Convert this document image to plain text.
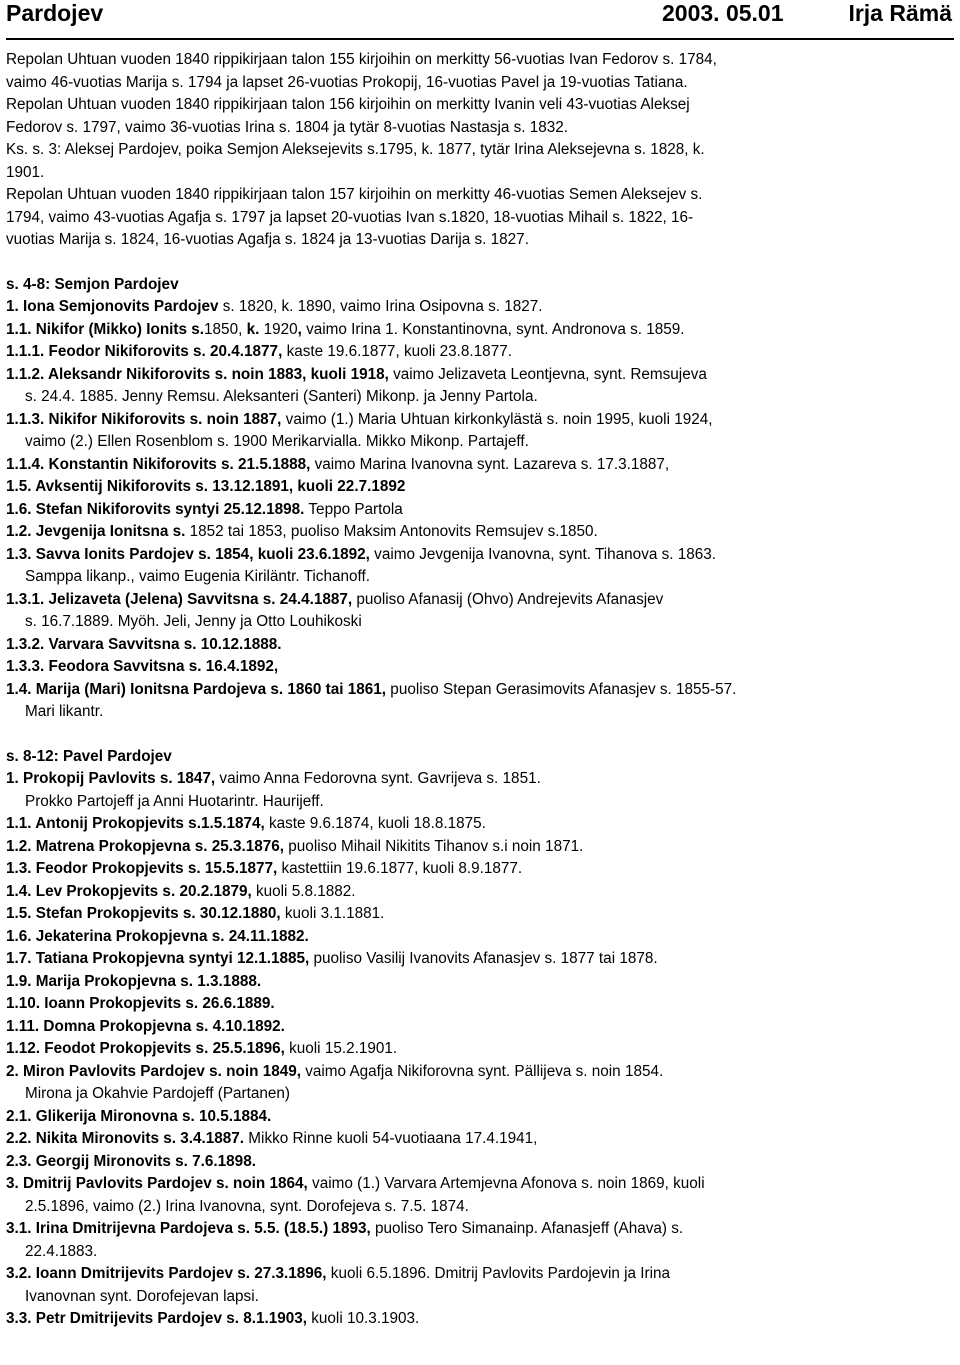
Pardojev	2003. 05.01	Irja Rämä
Repolan Uhtuan vuoden 1840 rippikirjaan talon 155 kirjoihin on merkitty 56-vuotias Ivan Fedorov s. 1784,
vaimo 46-vuotias Marija s. 1794 ja lapset 26-vuotias Prokopij, 16-vuotias Pavel ja 19-vuotias Tatiana.
Repolan Uhtuan vuoden 1840 rippikirjaan talon 156 kirjoihin on merkitty Ivanin veli 43-vuotias Aleksej
Fedorov s. 1797, vaimo 36-vuotias Irina s. 1804 ja tytär 8-vuotias Nastasja s. 1832.
Ks. s. 3: Aleksej Pardojev, poika Semjon Aleksejevits s.1795, k. 1877, tytär Irina Aleksejevna s. 1828, k.
1901.
Repolan Uhtuan vuoden 1840 rippikirjaan talon 157 kirjoihin on merkitty 46-vuotias Semen Aleksejev s.
1794, vaimo 43-vuotias Agafja s. 1797 ja lapset 20-vuotias Ivan s.1820, 18-vuotias Mihail s. 1822, 16-
vuotias Marija s. 1824, 16-vuotias Agafja s. 1824 ja 13-vuotias Darija s. 1827.
s. 4-8: Semjon Pardojev
1. Iona Semjonovits Pardojev s. 1820, k. 1890, vaimo Irina Osipovna s. 1827.
1.1. Nikifor (Mikko) Ionits s.1850, k. 1920, vaimo Irina 1. Konstantinovna, synt. Andronova s. 1859.
1.1.1. Feodor Nikiforovits s. 20.4.1877, kaste 19.6.1877, kuoli 23.8.1877.
1.1.2. Aleksandr Nikiforovits s. noin 1883, kuoli 1918, vaimo Jelizaveta Leontjevna, synt. Remsujeva
s. 24.4. 1885. Jenny Remsu. Aleksanteri (Santeri) Mikonp. ja Jenny Partola.
1.1.3. Nikifor Nikiforovits s. noin 1887, vaimo (1.) Maria Uhtuan kirkonkylästä s. noin 1995, kuoli 1924,
vaimo (2.) Ellen Rosenblom s. 1900 Merikarvialla. Mikko Mikonp. Partajeff.
1.1.4. Konstantin Nikiforovits s. 21.5.1888, vaimo Marina Ivanovna synt. Lazareva s. 17.3.1887,
1.5. Avksentij Nikiforovits s. 13.12.1891, kuoli 22.7.1892
1.6. Stefan Nikiforovits syntyi 25.12.1898. Teppo Partola
1.2. Jevgenija Ionitsna s. 1852 tai 1853, puoliso Maksim Antonovits Remsujev s.1850.
1.3. Savva Ionits Pardojev s. 1854, kuoli 23.6.1892, vaimo Jevgenija Ivanovna, synt. Tihanova s. 1863.
Samppa likanp., vaimo Eugenia Kiriläntr. Tichanoff.
1.3.1. Jelizaveta (Jelena) Savvitsna s. 24.4.1887, puoliso Afanasij (Ohvo) Andrejevits Afanasjev
s. 16.7.1889. Myöh. Jeli, Jenny ja Otto Louhikoski
1.3.2. Varvara Savvitsna s. 10.12.1888.
1.3.3. Feodora Savvitsna s. 16.4.1892,
1.4. Marija (Mari) Ionitsna Pardojeva s. 1860 tai 1861, puoliso Stepan Gerasimovits Afanasjev s. 1855-57.
Mari likantr.
s. 8-12: Pavel Pardojev
1. Prokopij Pavlovits s. 1847, vaimo Anna Fedorovna synt. Gavrijeva s. 1851.
Prokko Partojeff ja Anni Huotarintr. Haurijeff.
1.1. Antonij Prokopjevits s.1.5.1874, kaste 9.6.1874, kuoli 18.8.1875.
1.2. Matrena Prokopjevna s. 25.3.1876, puoliso Mihail Nikitits Tihanov s.i noin 1871.
1.3. Feodor Prokopjevits s. 15.5.1877, kastettiin 19.6.1877, kuoli 8.9.1877.
1.4. Lev Prokopjevits s. 20.2.1879, kuoli 5.8.1882.
1.5. Stefan Prokopjevits s. 30.12.1880, kuoli 3.1.1881.
1.6. Jekaterina Prokopjevna s. 24.11.1882.
1.7. Tatiana Prokopjevna syntyi 12.1.1885, puoliso Vasilij Ivanovits Afanasjev s. 1877 tai 1878.
1.9. Marija Prokopjevna s. 1.3.1888.
1.10. Ioann Prokopjevits s. 26.6.1889.
1.11. Domna Prokopjevna s. 4.10.1892.
1.12. Feodot Prokopjevits s. 25.5.1896, kuoli 15.2.1901.
2. Miron Pavlovits Pardojev s. noin 1849, vaimo Agafja Nikiforovna synt. Pällijeva s. noin 1854.
Mirona ja Okahvie Pardojeff (Partanen)
2.1. Glikerija Mironovna s. 10.5.1884.
2.2. Nikita Mironovits s. 3.4.1887. Mikko Rinne kuoli 54-vuotiaana 17.4.1941,
2.3. Georgij Mironovits s. 7.6.1898.
3. Dmitrij Pavlovits Pardojev s. noin 1864, vaimo (1.) Varvara Artemjevna Afonova s. noin 1869, kuoli
2.5.1896, vaimo (2.) Irina Ivanovna, synt. Dorofejeva s. 7.5. 1874.
3.1. Irina Dmitrijevna Pardojeva s. 5.5. (18.5.) 1893, puoliso Tero Simanainp. Afanasjeff (Ahava) s.
22.4.1883.
3.2. Ioann Dmitrijevits Pardojev s. 27.3.1896, kuoli 6.5.1896. Dmitrij Pavlovits Pardojevin ja Irina
Ivanovnan synt. Dorofejevan lapsi.
3.3. Petr Dmitrijevits Pardojev s. 8.1.1903, kuoli 10.3.1903.
